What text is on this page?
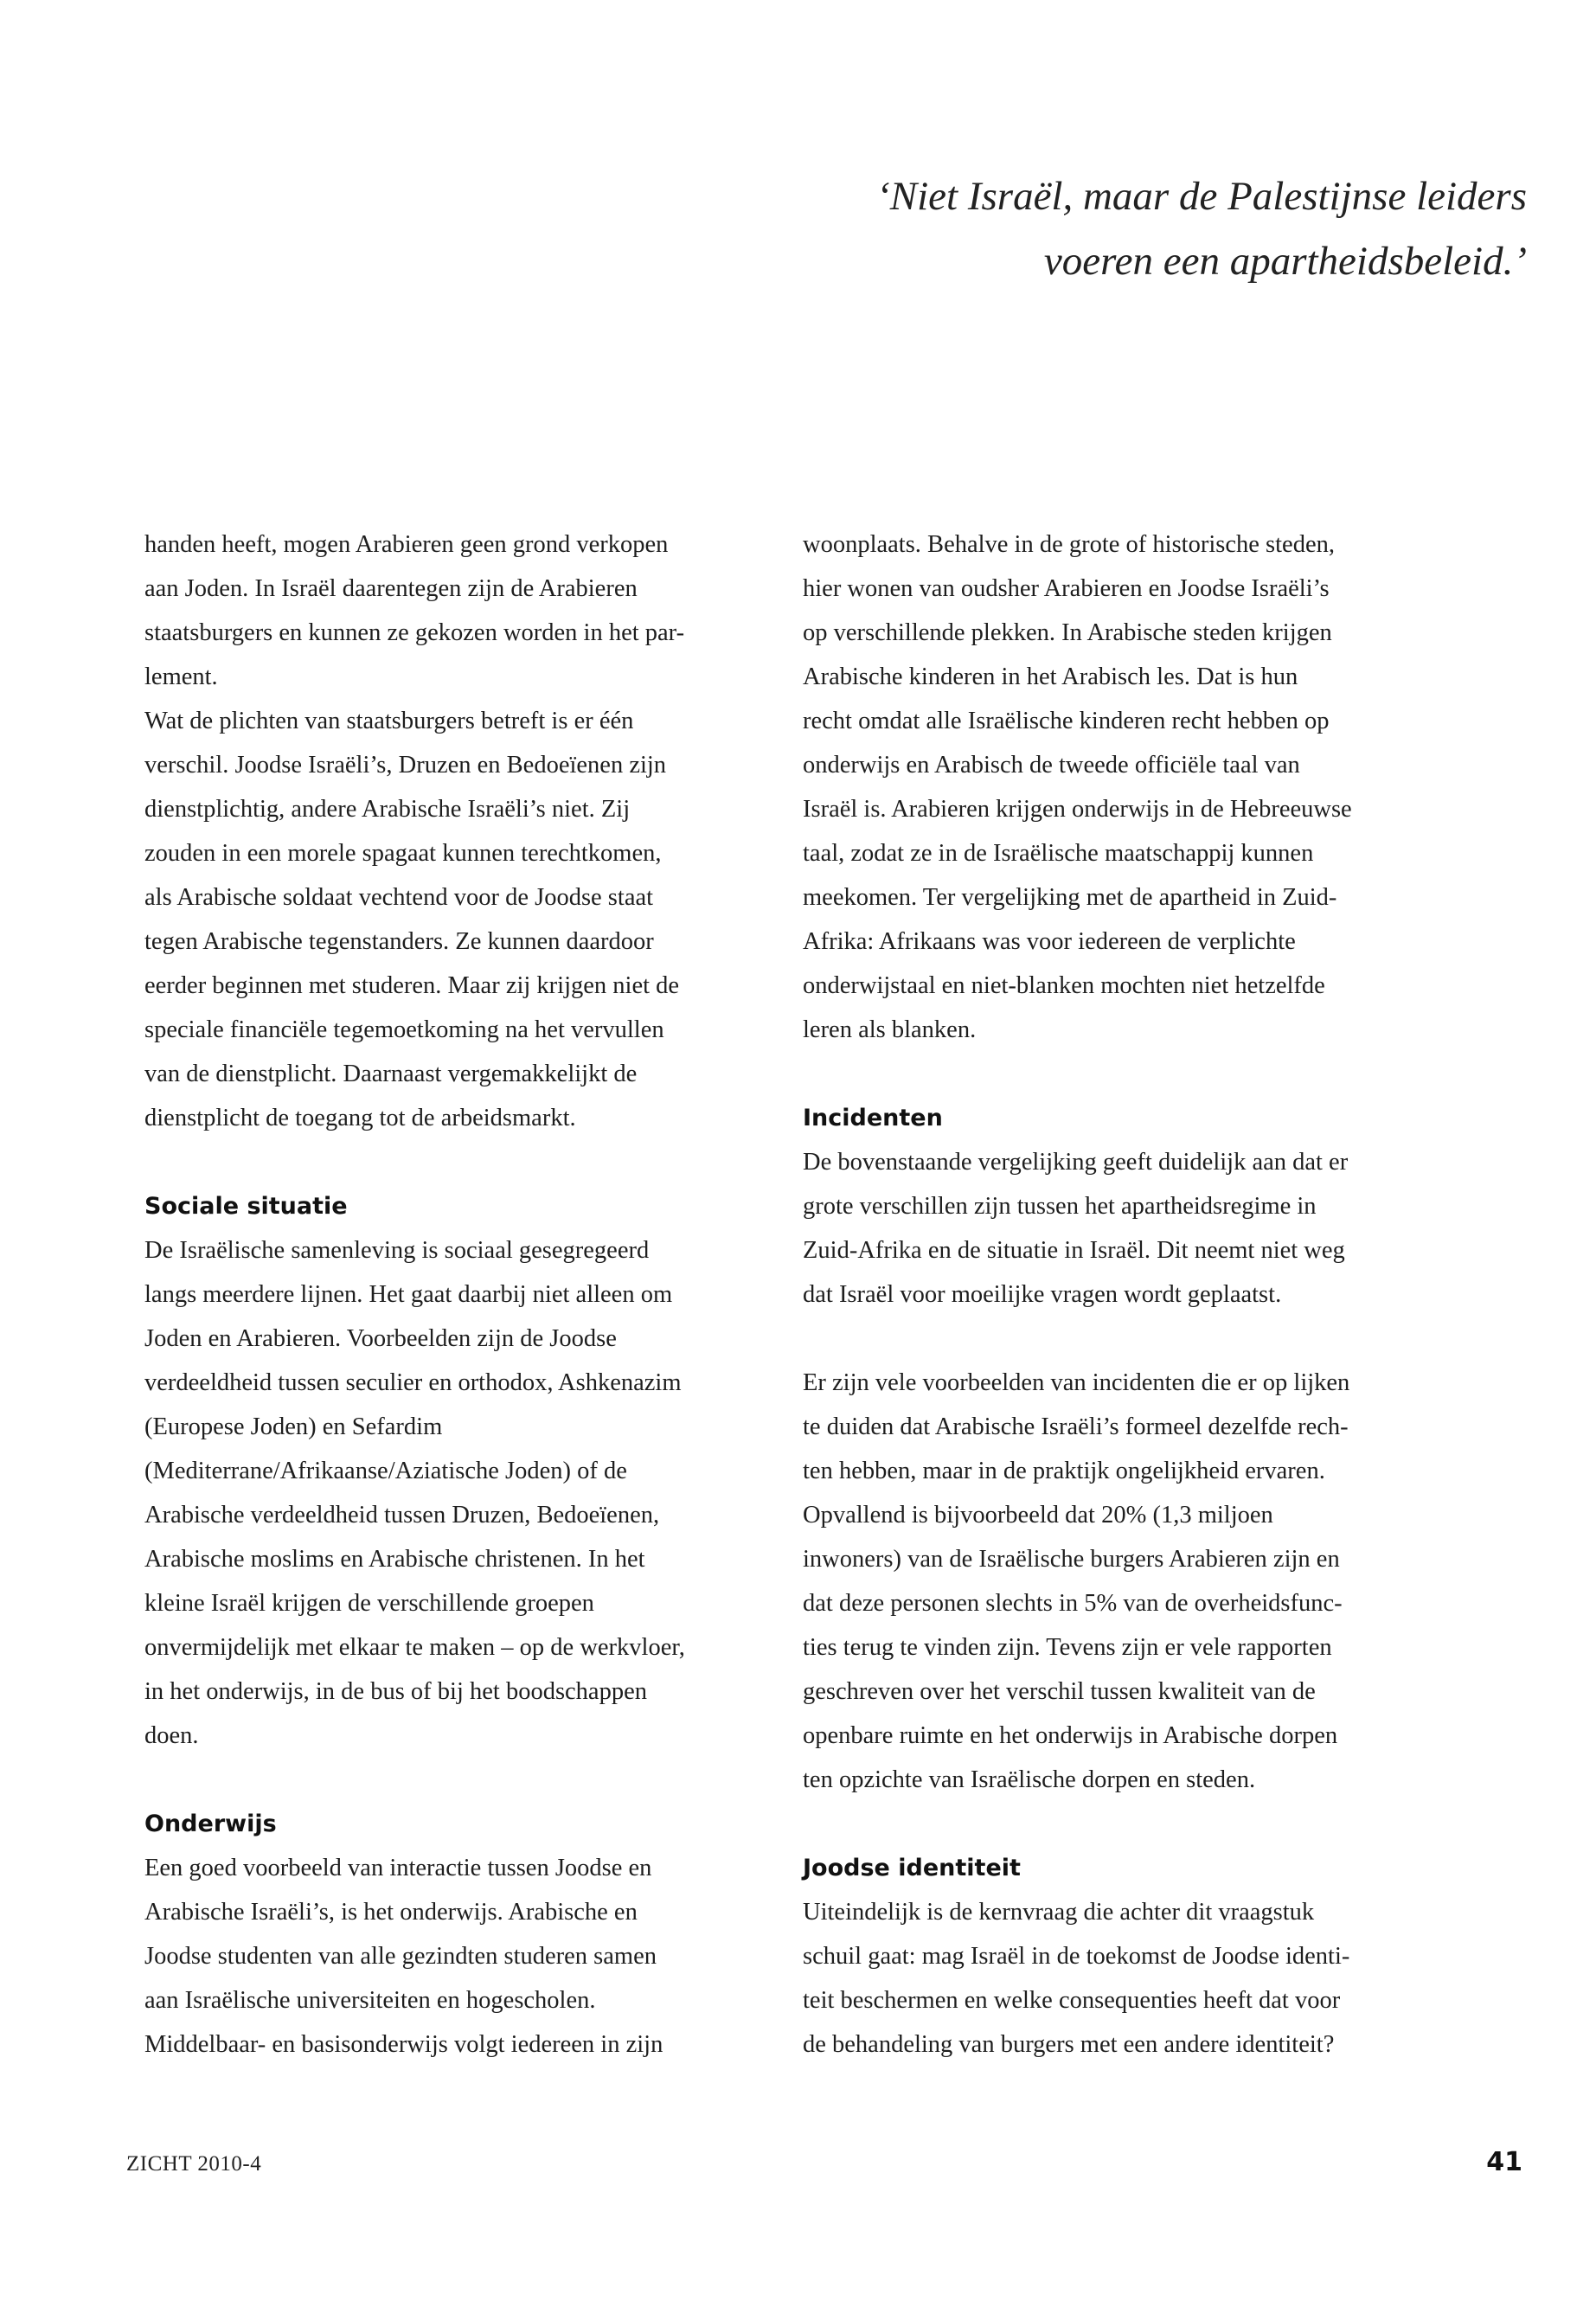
‘Niet Israël, maar de Palestijnse leiders
voeren een apartheidsbeleid.’
handen heeft, mogen Arabieren geen grond verkopen
aan Joden. In Israël daarentegen zijn de Arabieren
staatsburgers en kunnen ze gekozen worden in het par-
lement.
Wat de plichten van staatsburgers betreft is er één
verschil. Joodse Israëli’s, Druzen en Bedoeïenen zijn
dienstplichtig, andere Arabische Israëli’s niet. Zij
zouden in een morele spagaat kunnen terechtkomen,
als Arabische soldaat vechtend voor de Joodse staat
tegen Arabische tegenstanders. Ze kunnen daardoor
eerder beginnen met studeren. Maar zij krijgen niet de
speciale financiële tegemoetkoming na het vervullen
van de dienstplicht. Daarnaast vergemakkelijkt de
dienstplicht de toegang tot de arbeidsmarkt.
Sociale situatie
De Israëlische samenleving is sociaal gesegregeerd
langs meerdere lijnen. Het gaat daarbij niet alleen om
Joden en Arabieren. Voorbeelden zijn de Joodse
verdeeldheid tussen seculier en orthodox, Ashkenazim
(Europese Joden) en Sefardim
(Mediterrane/Afrikaanse/Aziatische Joden) of de
Arabische verdeeldheid tussen Druzen, Bedoeïenen,
Arabische moslims en Arabische christenen. In het
kleine Israël krijgen de verschillende groepen
onvermijdelijk met elkaar te maken – op de werkvloer,
in het onderwijs, in de bus of bij het boodschappen
doen.
Onderwijs
Een goed voorbeeld van interactie tussen Joodse en
Arabische Israëli’s, is het onderwijs. Arabische en
Joodse studenten van alle gezindten studeren samen
aan Israëlische universiteiten en hogescholen.
Middelbaar- en basisonderwijs volgt iedereen in zijn
woonplaats. Behalve in de grote of historische steden,
hier wonen van oudsher Arabieren en Joodse Israëli’s
op verschillende plekken. In Arabische steden krijgen
Arabische kinderen in het Arabisch les. Dat is hun
recht omdat alle Israëlische kinderen recht hebben op
onderwijs en Arabisch de tweede officiële taal van
Israël is. Arabieren krijgen onderwijs in de Hebreeuwse
taal, zodat ze in de Israëlische maatschappij kunnen
meekomen. Ter vergelijking met de apartheid in Zuid-
Afrika: Afrikaans was voor iedereen de verplichte
onderwijstaal en niet-blanken mochten niet hetzelfde
leren als blanken.
Incidenten
De bovenstaande vergelijking geeft duidelijk aan dat er
grote verschillen zijn tussen het apartheidsregime in
Zuid-Afrika en de situatie in Israël. Dit neemt niet weg
dat Israël voor moeilijke vragen wordt geplaatst.
Er zijn vele voorbeelden van incidenten die er op lijken
te duiden dat Arabische Israëli’s formeel dezelfde rech-
ten hebben, maar in de praktijk ongelijkheid ervaren.
Opvallend is bijvoorbeeld dat 20% (1,3 miljoen
inwoners) van de Israëlische burgers Arabieren zijn en
dat deze personen slechts in 5% van de overheidsfunc-
ties terug te vinden zijn. Tevens zijn er vele rapporten
geschreven over het verschil tussen kwaliteit van de
openbare ruimte en het onderwijs in Arabische dorpen
ten opzichte van Israëlische dorpen en steden.
Joodse identiteit
Uiteindelijk is de kernvraag die achter dit vraagstuk
schuil gaat: mag Israël in de toekomst de Joodse identi-
teit beschermen en welke consequenties heeft dat voor
de behandeling van burgers met een andere identiteit?
ZICHT 2010-4	41
